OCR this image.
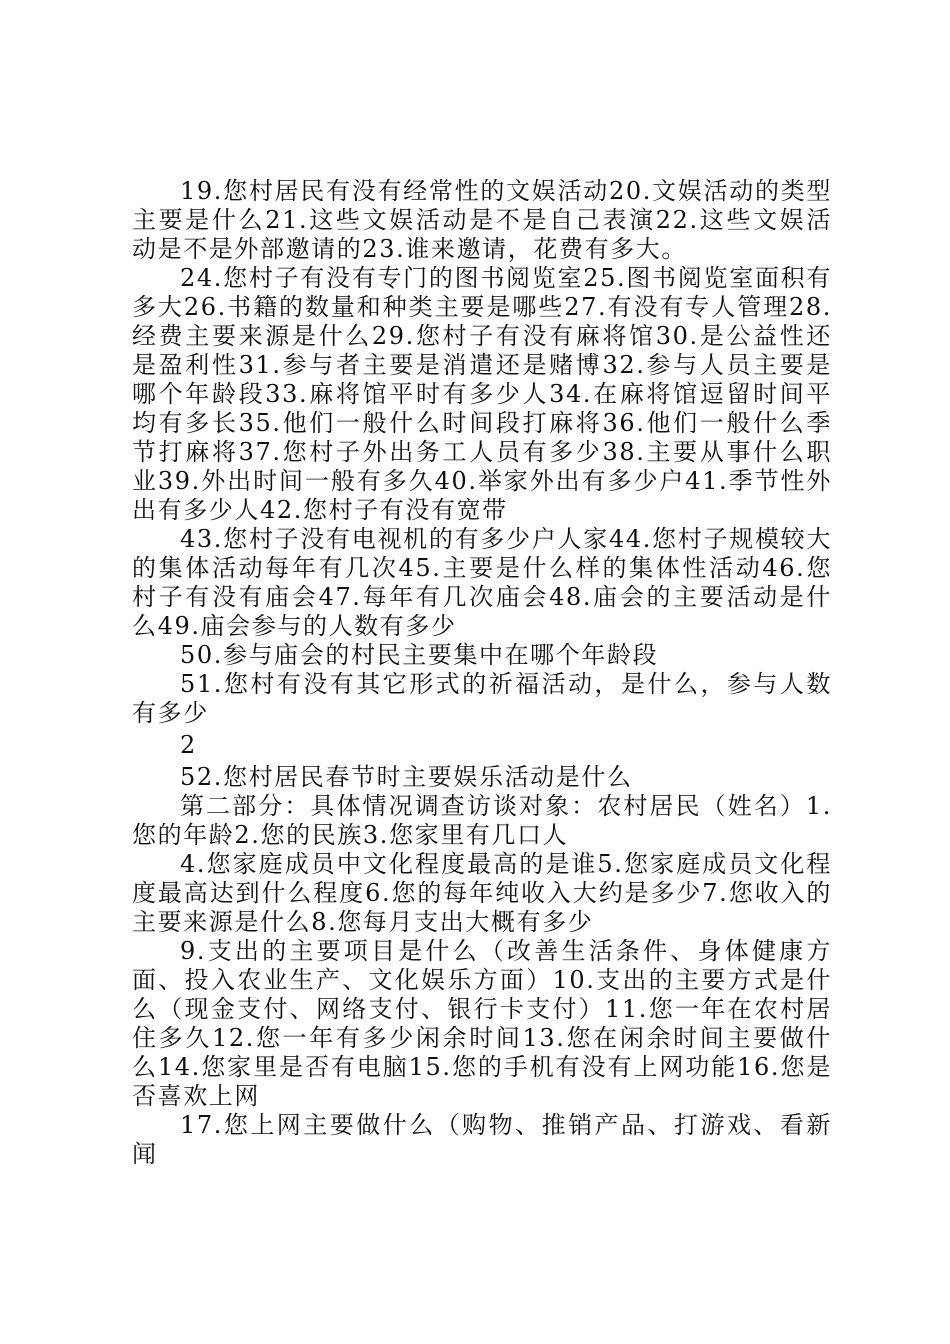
19.您村居民有没有经常性的文娱活动20.文娱活动的类型主要是什么21.这些文娱活动是不是自己表演22.这些文娱活动是不是外部邀请的23.谁来邀请，花费有多大。

24.您村子有没有专门的图书阅览室25.图书阅览室面积有多大26.书籍的数量和种类主要是哪些27.有没有专人管理28.经费主要来源是什么29.您村子有没有麻将馆30.是公益性还是盈利性31.参与者主要是消遣还是赌博32.参与人员主要是哪个年龄段33.麻将馆平时有多少人34.在麻将馆逗留时间平均有多长35.他们一般什么时间段打麻将36.他们一般什么季节打麻将37.您村子外出务工人员有多少38.主要从事什么职业39.外出时间一般有多久40.举家外出有多少户41.季节性外出有多少人42.您村子有没有宽带

43.您村子没有电视机的有多少户人家44.您村子规模较大的集体活动每年有几次45.主要是什么样的集体性活动46.您村子有没有庙会47.每年有几次庙会48.庙会的主要活动是什么49.庙会参与的人数有多少

50.参与庙会的村民主要集中在哪个年龄段

51.您村有没有其它形式的祈福活动，是什么，参与人数有多少

2

52.您村居民春节时主要娱乐活动是什么

第二部分：具体情况调查访谈对象：农村居民（姓名）1.您的年龄2.您的民族3.您家里有几口人

4.您家庭成员中文化程度最高的是谁5.您家庭成员文化程度最高达到什么程度6.您的每年纯收入大约是多少7.您收入的主要来源是什么8.您每月支出大概有多少

9.支出的主要项目是什么（改善生活条件、身体健康方面、投入农业生产、文化娱乐方面）10.支出的主要方式是什么（现金支付、网络支付、银行卡支付）11.您一年在农村居住多久12.您一年有多少闲余时间13.您在闲余时间主要做什么14.您家里是否有电脑15.您的手机有没有上网功能16.您是否喜欢上网

17.您上网主要做什么（购物、推销产品、打游戏、看新闻
